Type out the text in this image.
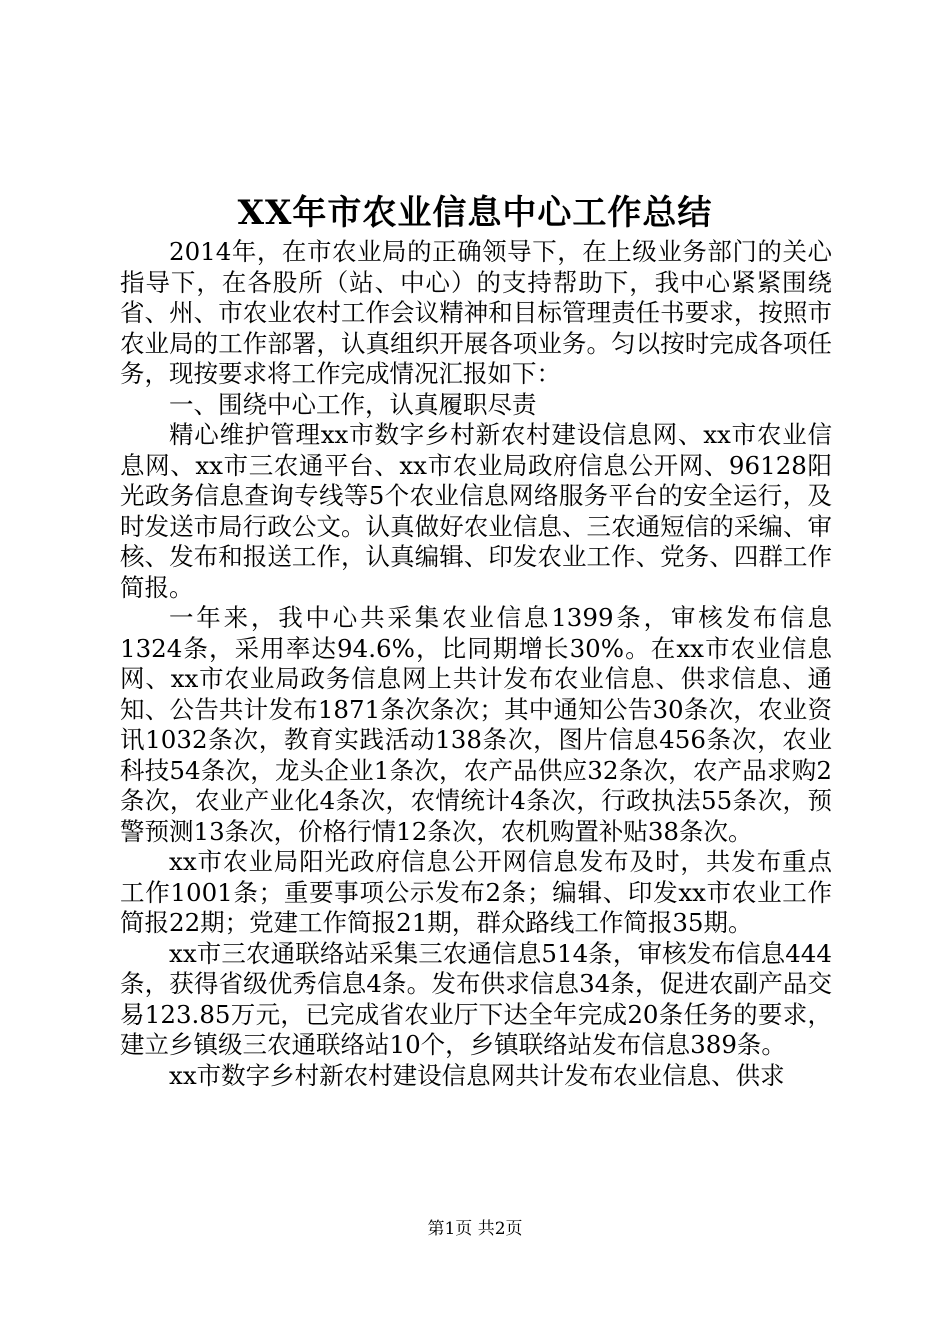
XX年市农业信息中心工作总结

2014年，在市农业局的正确领导下，在上级业务部门的关心指导下，在各股所（站、中心）的支持帮助下，我中心紧紧围绕省、州、市农业农村工作会议精神和目标管理责任书要求，按照市农业局的工作部署，认真组织开展各项业务。匀以按时完成各项任务，现按要求将工作完成情况汇报如下：

一、围绕中心工作，认真履职尽责

精心维护管理xx市数字乡村新农村建设信息网、xx市农业信息网、xx市三农通平台、xx市农业局政府信息公开网、96128阳光政务信息查询专线等5个农业信息网络服务平台的安全运行，及时发送市局行政公文。认真做好农业信息、三农通短信的采编、审核、发布和报送工作，认真编辑、印发农业工作、党务、四群工作简报。

一年来，我中心共采集农业信息1399条，审核发布信息1324条，采用率达94.6%，比同期增长30%。在xx市农业信息网、xx市农业局政务信息网上共计发布农业信息、供求信息、通知、公告共计发布1871条次条次；其中通知公告30条次，农业资讯1032条次，教育实践活动138条次，图片信息456条次，农业科技54条次，龙头企业1条次，农产品供应32条次，农产品求购2条次，农业产业化4条次，农情统计4条次，行政执法55条次，预警预测13条次，价格行情12条次，农机购置补贴38条次。

xx市农业局阳光政府信息公开网信息发布及时，共发布重点工作1001条；重要事项公示发布2条；编辑、印发xx市农业工作简报22期；党建工作简报21期，群众路线工作简报35期。

xx市三农通联络站采集三农通信息514条，审核发布信息444条，获得省级优秀信息4条。发布供求信息34条，促进农副产品交易123.85万元，已完成省农业厅下达全年完成20条任务的要求，建立乡镇级三农通联络站10个，乡镇联络站发布信息389条。

xx市数字乡村新农村建设信息网共计发布农业信息、供求

第1页 共2页
